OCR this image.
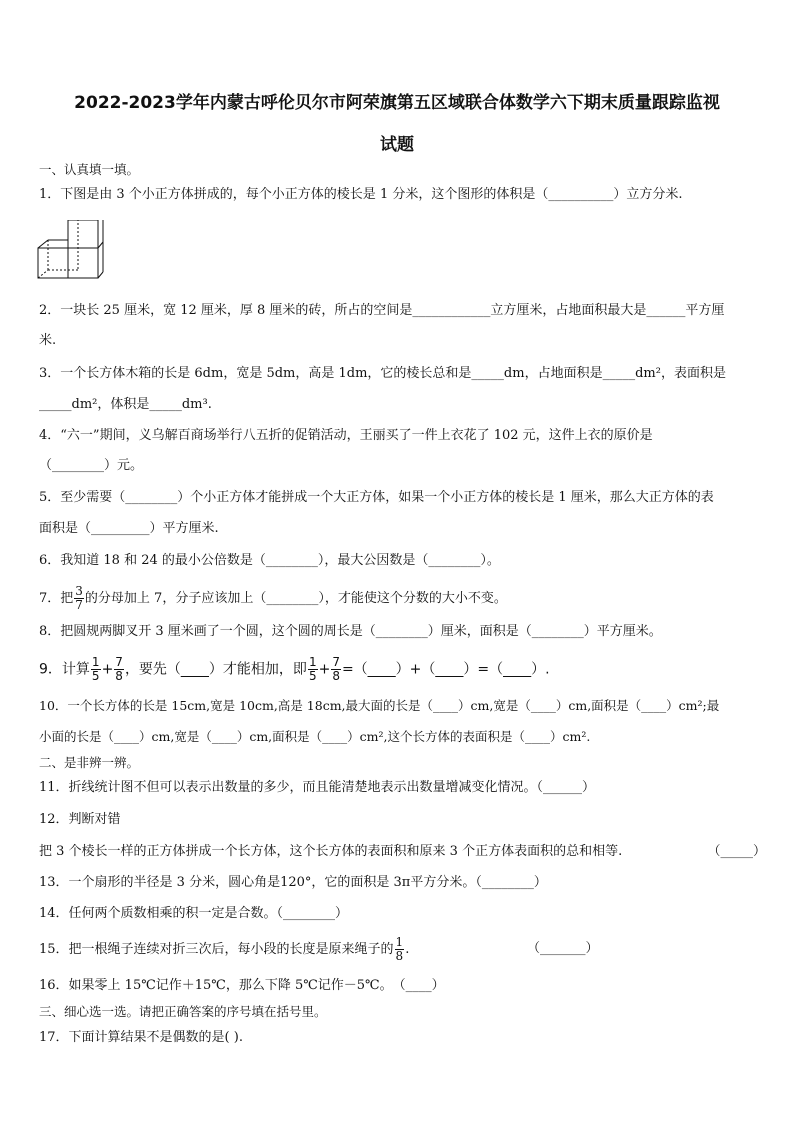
2022-2023学年内蒙古呼伦贝尔市阿荣旗第五区域联合体数学六下期末质量跟踪监视
试题
一、认真填一填。
1．下图是由 3 个小正方体拼成的，每个小正方体的棱长是 1 分米，这个图形的体积是（__________）立方分米.
2．一块长 25 厘米，宽 12 厘米，厚 8 厘米的砖，所占的空间是____________立方厘米，占地面积最大是______平方厘
米.
3．一个长方体木箱的长是 6dm，宽是 5dm，高是 1dm，它的棱长总和是_____dm，占地面积是_____dm²，表面积是
_____dm²，体积是_____dm³.
4．“六一”期间，义乌解百商场举行八五折的促销活动，王丽买了一件上衣花了 102 元，这件上衣的原价是
（________）元。
5．至少需要（________）个小正方体才能拼成一个大正方体，如果一个小正方体的棱长是 1 厘米，那么大正方体的表
面积是（_________）平方厘米.
6．我知道 18 和 24 的最小公倍数是（________），最大公因数是（________）。
7．把 $\frac{3}{7}$ 的分母加上 7，分子应该加上（________），才能使这个分数的大小不变。
8．把圆规两脚叉开 3 厘米画了一个圆，这个圆的周长是（________）厘米，面积是（________）平方厘米。
9．计算 $\frac{1}{5} + \frac{7}{8}$ ，要先（____）才能相加，即 $\frac{1}{5} + \frac{7}{8}$ =（____）+（____）=（____）.
10．一个长方体的长是 15cm,宽是 10cm,高是 18cm,最大面的长是（____）cm,宽是（____）cm,面积是（____）cm²;最
小面的长是（____）cm,宽是（____）cm,面积是（____）cm²,这个长方体的表面积是（____）cm².
二、是非辨一辨。
11．折线统计图不但可以表示出数量的多少，而且能清楚地表示出数量增减变化情况。（______）
12．判断对错
把 3 个棱长一样的正方体拼成一个长方体，这个长方体的表面积和原来 3 个正方体表面积的总和相等.	（_____）
13．一个扇形的半径是 3 分米，圆心角是120°，它的面积是 3π平方分米。（________）
14．任何两个质数相乘的积一定是合数。（________）
15．把一根绳子连续对折三次后，每小段的长度是原来绳子的 $\frac{1}{8}$ .	（_______）
16．如果零上 15℃记作＋15℃，那么下降 5℃记作－5℃。　（____）
三、细心选一选。请把正确答案的序号填在括号里。
17．下面计算结果不是偶数的是( ).
